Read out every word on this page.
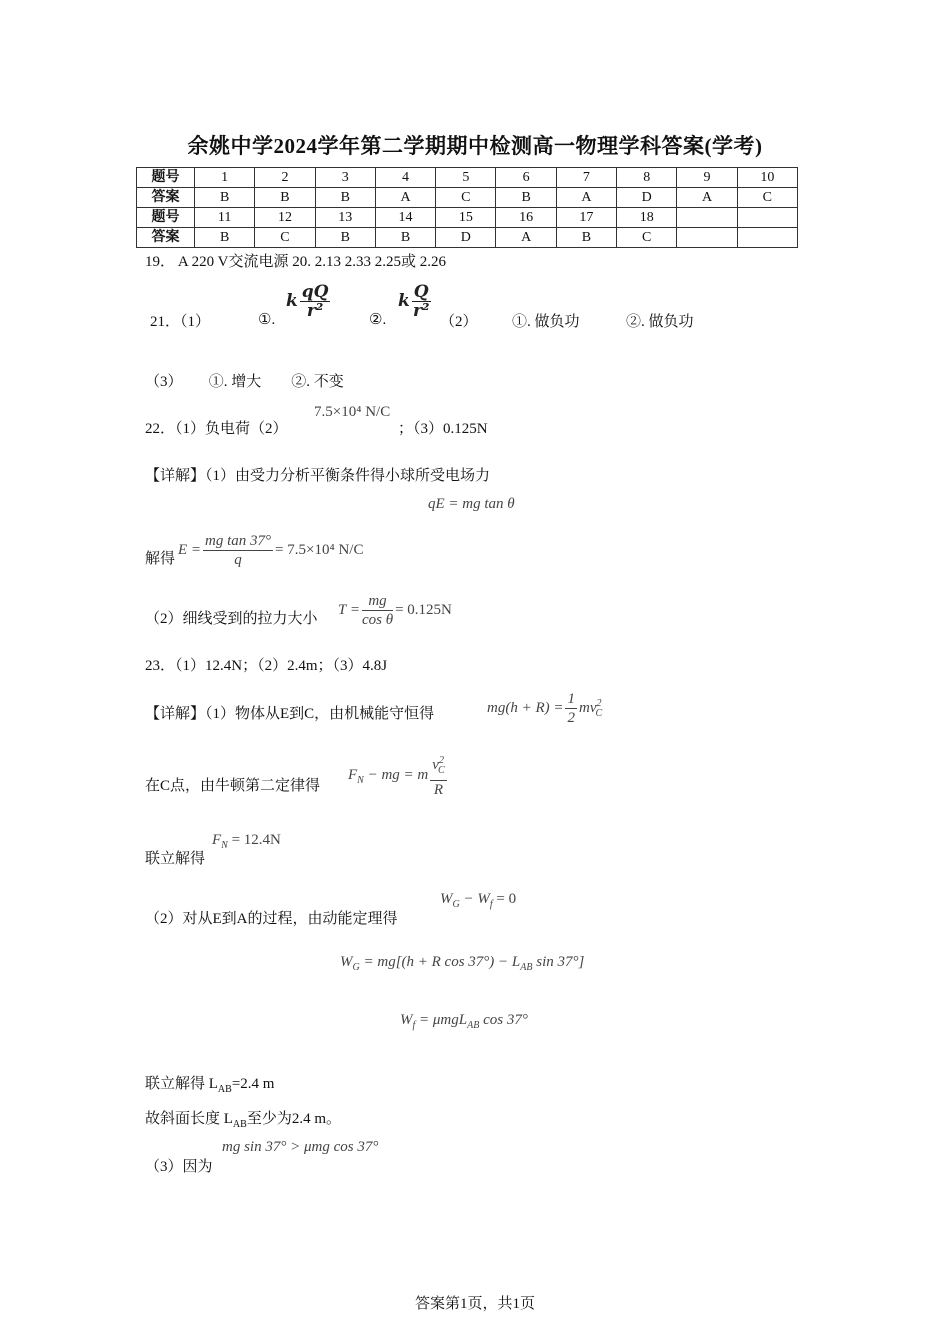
余姚中学2024学年第二学期期中检测高一物理学科答案(学考)
题号	1	2	3	4	5	6	7	8	9	10
答案	B	B	B	A	C	B	A	D	A	C
题号	11	12	13	14	15	16	17	18		
答案	B	C	B	B	D	A	B	C		
19． A 220 V交流电源 20. 2.13 2.33 2.25或 2.26
21．（1）	①.
k $\frac{qQ}{\text{r²}}$	②.
k $\frac{Q}{\text{r²}}$
（2） ①. 做负功	②. 做负功
（3）       ①. 增大        ②. 不变
22．（1）负电荷（2）
7.5×10⁴ N/C
；（3）0.125N
【详解】（1）由受力分析平衡条件得小球所受电场力
qE = mg tan θ
解得
$E = \frac{\text{mg tan 37°}}{q} = 7.5\times 10^4$ N/C
（2）细线受到的拉力大小
$T = \frac{mg}{\text{cos θ}} = 0.125N$
23．（1）12.4N；（2）2.4m；（3）4.8J
【详解】（1）物体从E到C，由机械能守恒得	$mg(h + R) = \frac{1}{2} mv^2_C$
在C点，由牛顿第二定律得
$F_N$ − mg = m $\frac{v^2_C}{R}$
$F_N = 12.4N$
联立解得
（2）对从E到A的过程，由动能定理得
$W_G - W_f = 0$
$W_G = mg[(h + R$ $\cos 37^\circ) - L_{AB}$ sin 37°]
$W_f = \mu mgL_{AB}$ cos 37°
联立解得 $L_{AB}=2.4$ m
故斜面长度 $L_{AB}$至少为2.4 m。
mg sin 37° > μmg cos 37°
（3）因为
答案第1页，共1页
